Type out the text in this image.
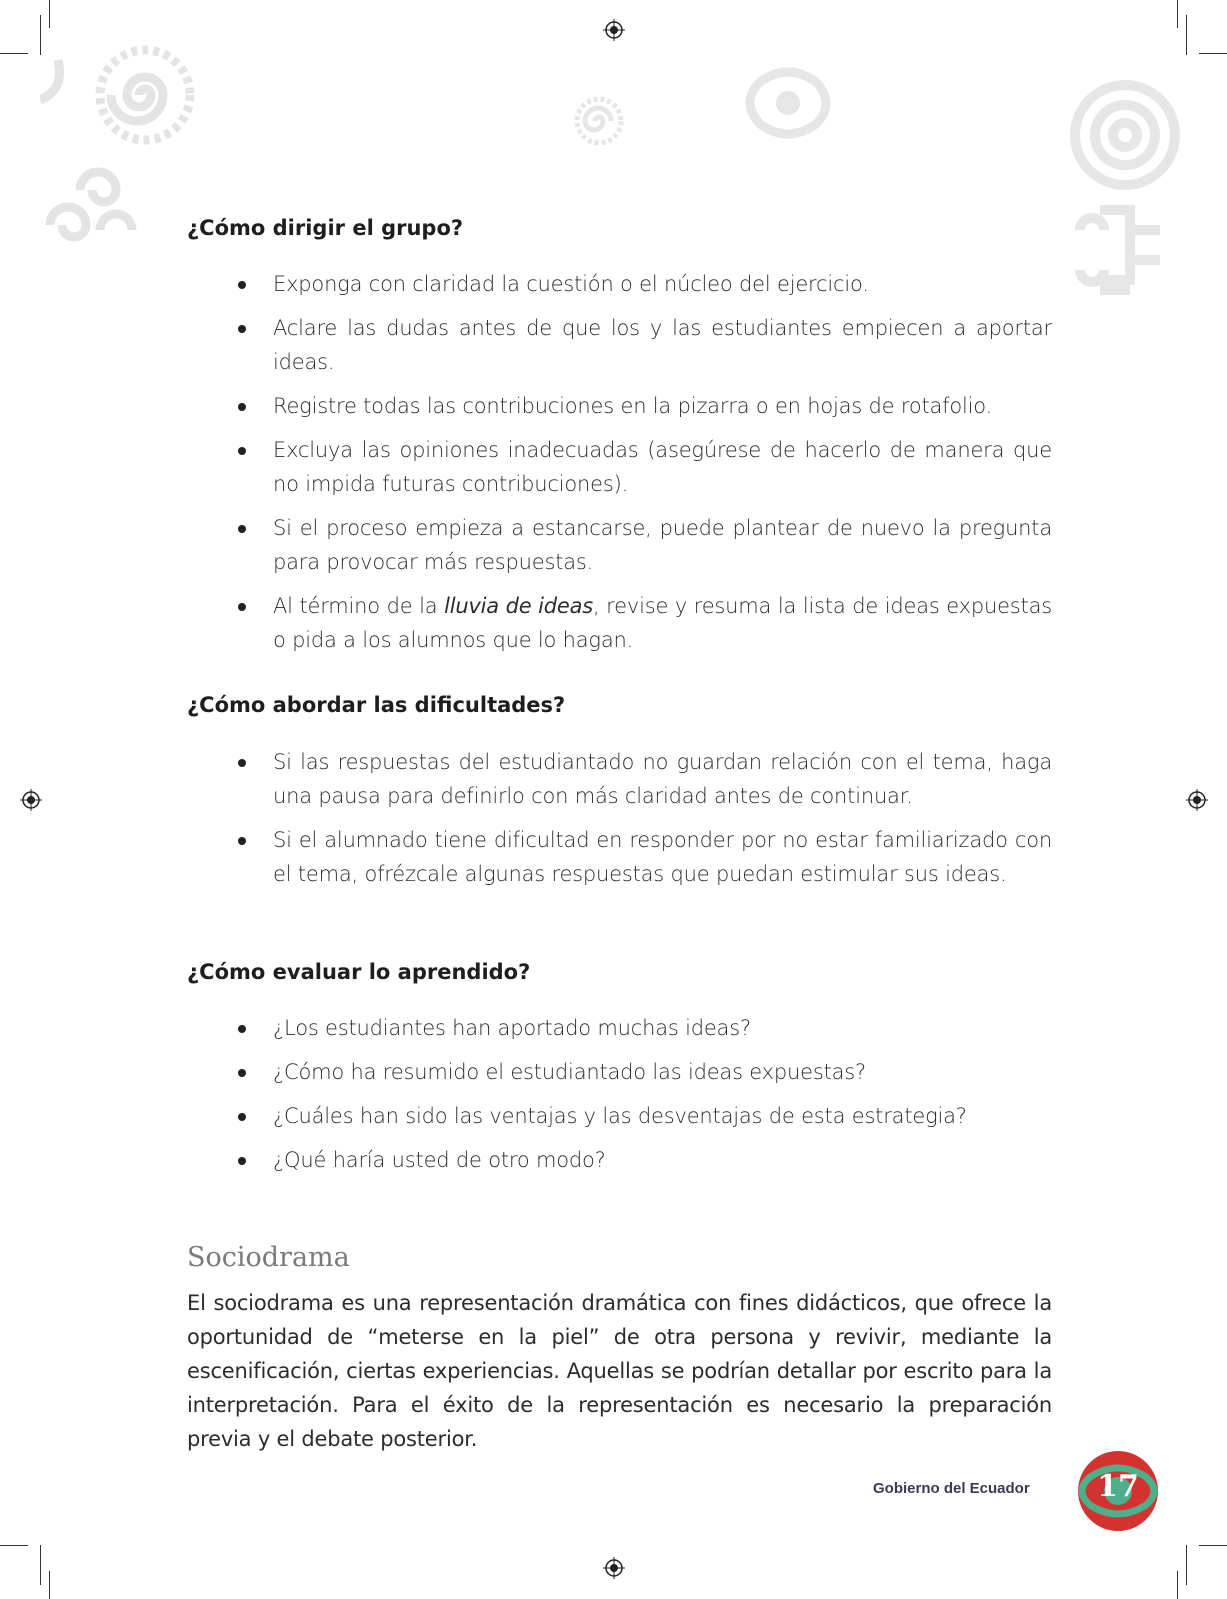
¿Cómo dirigir el grupo?
Exponga con claridad la cuestión o el núcleo del ejercicio.
Aclare las dudas antes de que los y las estudiantes empiecen a aportar ideas.
Registre todas las contribuciones en la pizarra o en hojas de rotafolio.
Excluya las opiniones inadecuadas (asegúrese de hacerlo de manera que no impida futuras contribuciones).
Si el proceso empieza a estancarse, puede plantear de nuevo la pregunta para provocar más respuestas.
Al término de la lluvia de ideas, revise y resuma la lista de ideas expuestas o pida a los alumnos que lo hagan.
¿Cómo abordar las dificultades?
Si las respuestas del estudiantado no guardan relación con el tema, haga una pausa para definirlo con más claridad antes de continuar.
Si el alumnado tiene dificultad en responder por no estar familiarizado con el tema, ofrézcale algunas respuestas que puedan estimular sus ideas.
¿Cómo evaluar lo aprendido?
¿Los estudiantes han aportado muchas ideas?
¿Cómo ha resumido el estudiantado las ideas expuestas?
¿Cuáles han sido las ventajas y las desventajas de esta estrategia?
¿Qué haría usted de otro modo?
Sociodrama
El sociodrama es una representación dramática con fines didácticos, que ofrece la oportunidad de “meterse en la piel” de otra persona y revivir, mediante la escenificación, ciertas experiencias. Aquellas se podrían detallar por escrito para la interpretación. Para el éxito de la representación es necesario la preparación previa y el debate posterior.
Gobierno del Ecuador	17
